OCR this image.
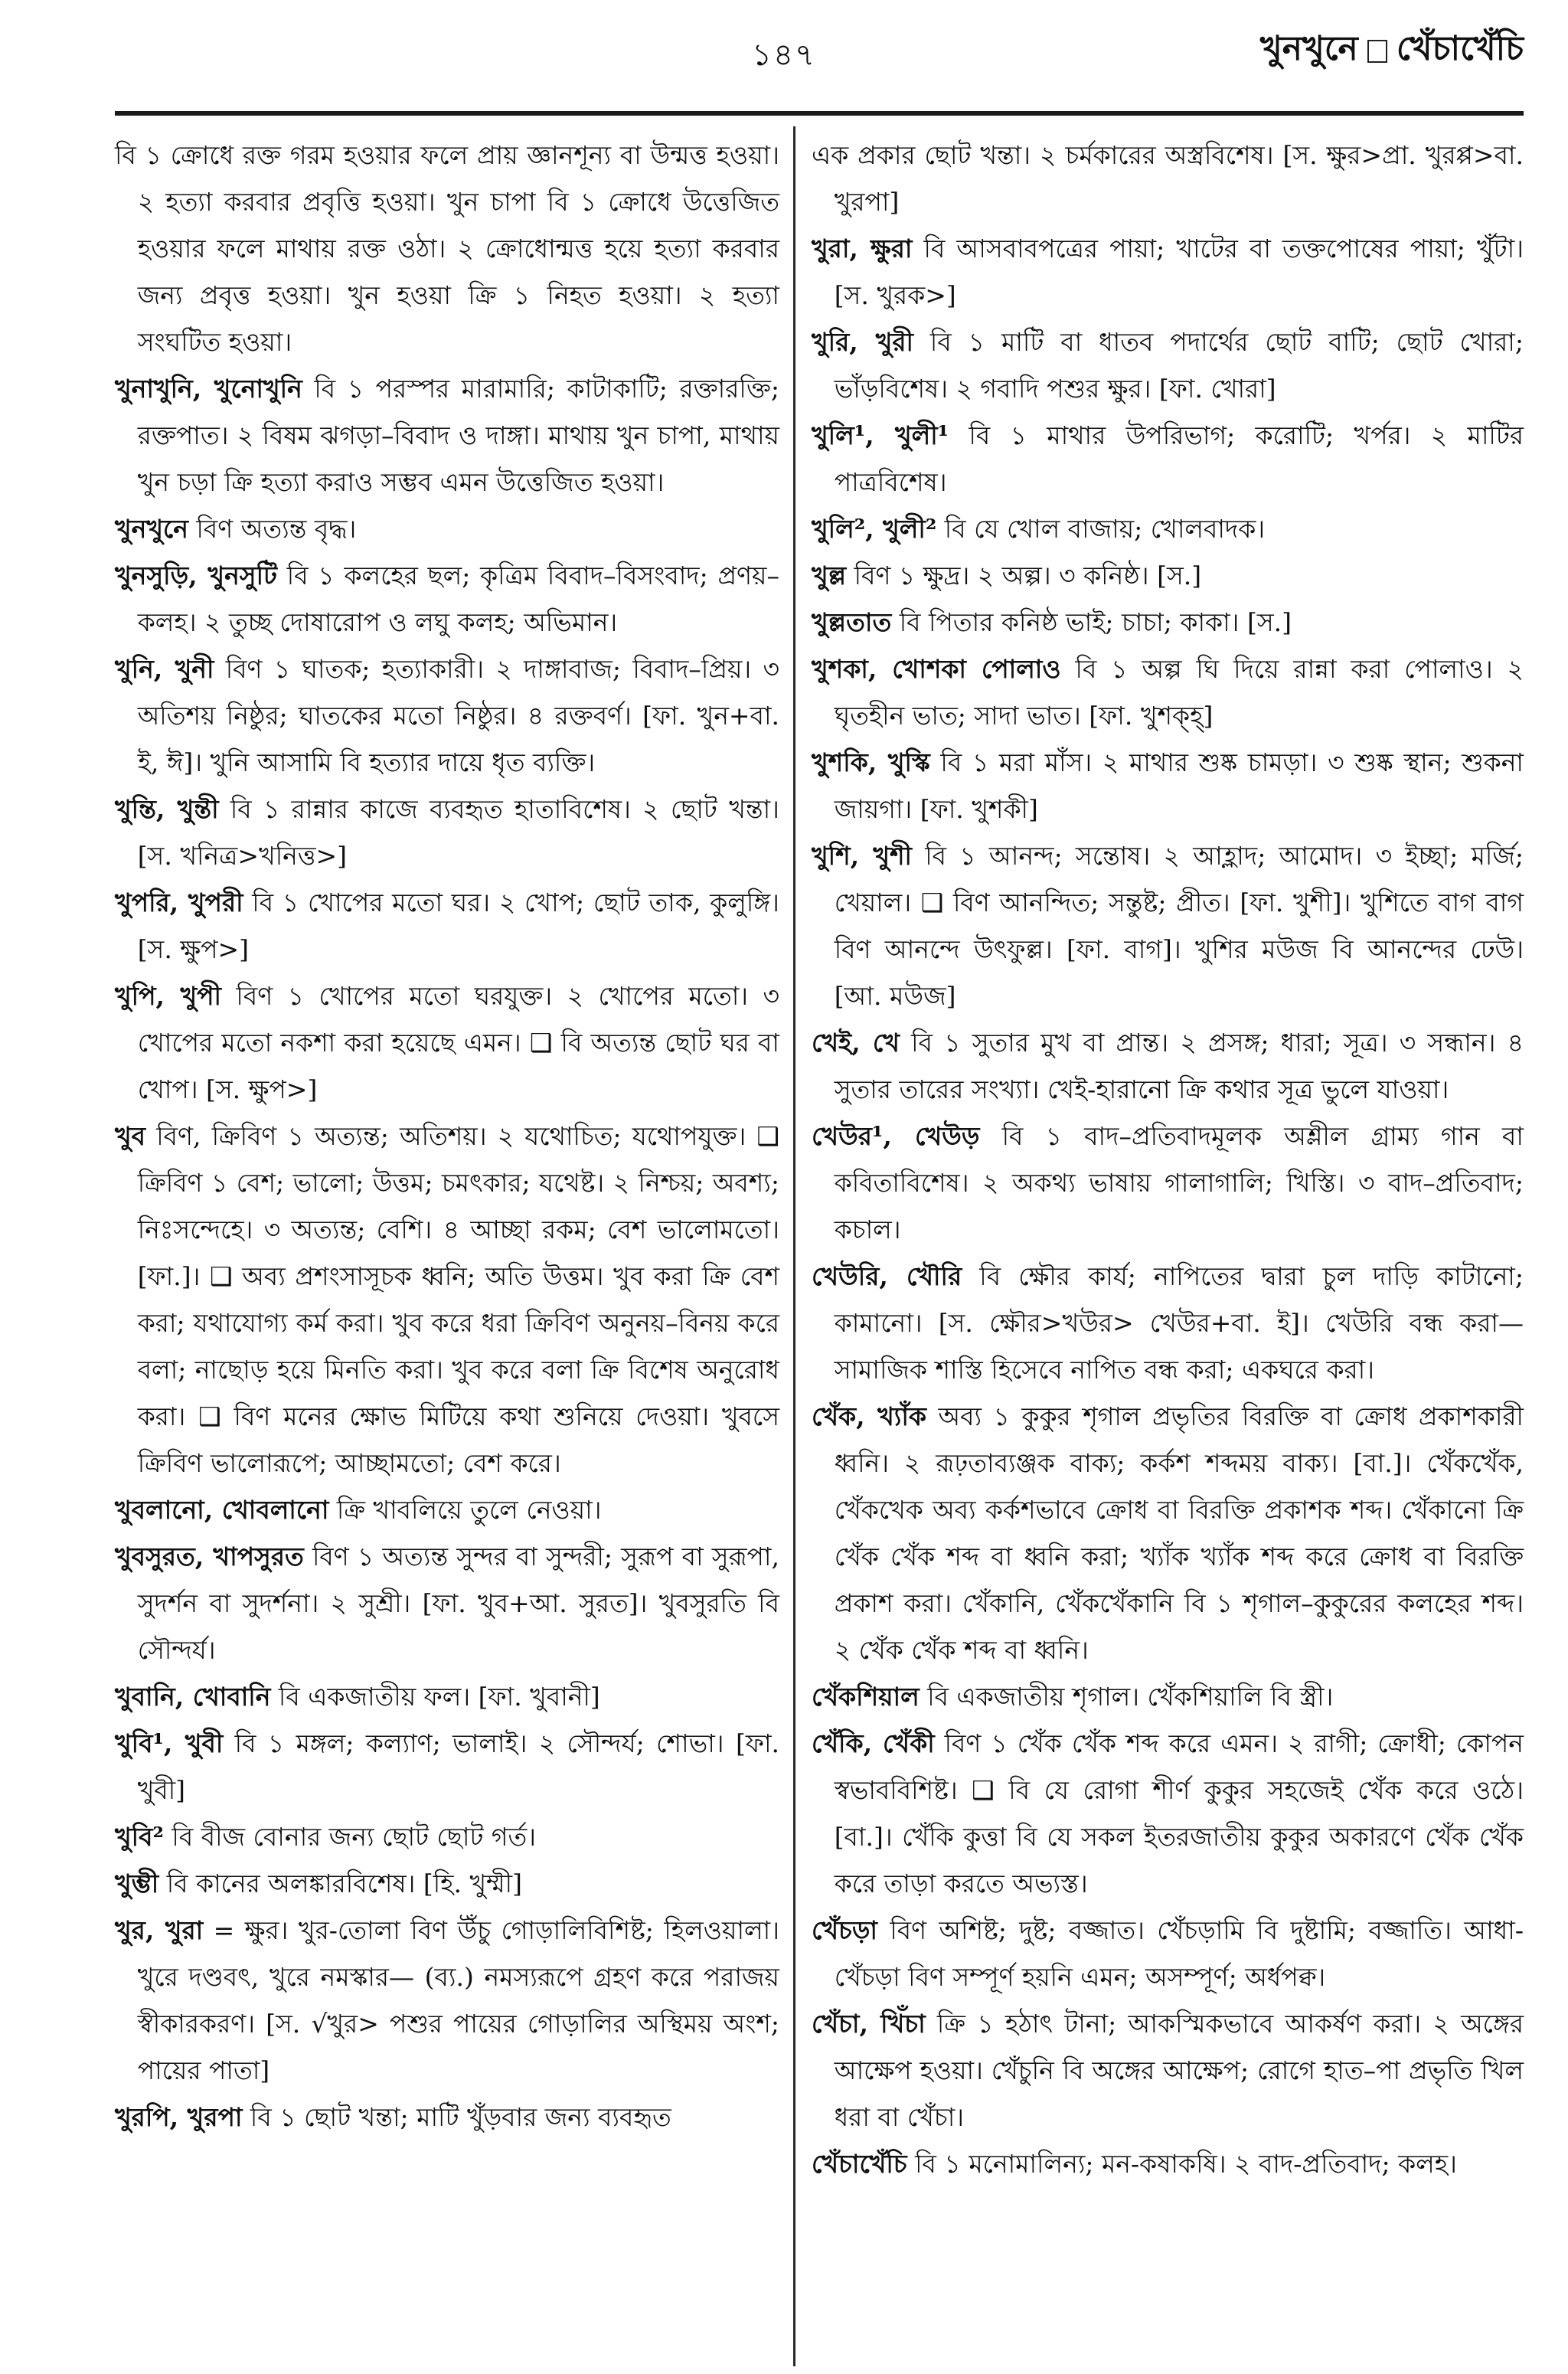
১৪৭	খুনখুনে খেঁচাখেঁচি

বি ১ ক্রোধে রক্ত গরম হওয়ার ফলে প্রায় জ্ঞানশূন্য বা উন্মত্ত হওয়া। ২ হত্যা করবার প্রবৃত্তি হওয়া। খুন চাপা বি ১ ক্রোধে উত্তেজিত হওয়ার ফলে মাথায় রক্ত ওঠা। ২ ক্রোধোন্মত্ত হয়ে হত্যা করবার জন্য প্রবৃত্ত হওয়া। খুন হওয়া ক্রি ১ নিহত হওয়া। ২ হত্যা সংঘটিত হওয়া।

খুনাখুনি, খুনোখুনি বি ১ পরস্পর মারামারি; কাটাকাটি; রক্তারক্তি; রক্তপাত। ২ বিষম ঝগড়া–বিবাদ ও দাঙ্গা। মাথায় খুন চাপা, মাথায় খুন চড়া ক্রি হত্যা করাও সম্ভব এমন উত্তেজিত হওয়া।

খুনখুনে বিণ অত্যন্ত বৃদ্ধ।

খুনসুড়ি, খুনসুটি বি ১ কলহের ছল; কৃত্রিম বিবাদ–বিসংবাদ; প্রণয়–কলহ। ২ তুচ্ছ দোষারোপ ও লঘু কলহ; অভিমান।

খুনি, খুনী বিণ ১ ঘাতক; হত্যাকারী। ২ দাঙ্গাবাজ; বিবাদ–প্রিয়। ৩ অতিশয় নিষ্ঠুর; ঘাতকের মতো নিষ্ঠুর। ৪ রক্তবর্ণ। [ফা. খুন+বা. ই, ঈ]। খুনি আসামি বি হত্যার দায়ে ধৃত ব্যক্তি।

খুন্তি, খুন্তী বি ১ রান্নার কাজে ব্যবহৃত হাতাবিশেষ। ২ ছোট খন্তা। [স. খনিত্র>খনিত্ত>]

খুপরি, খুপরী বি ১ খোপের মতো ঘর। ২ খোপ; ছোট তাক, কুলুঙ্গি। [স. ক্ষুপ>]

খুপি, খুপী বিণ ১ খোপের মতো ঘরযুক্ত। ২ খোপের মতো। ৩ খোপের মতো নকশা করা হয়েছে এমন। ❑ বি অত্যন্ত ছোট ঘর বা খোপ। [স. ক্ষুপ>]

খুব বিণ, ক্রিবিণ ১ অত্যন্ত; অতিশয়। ২ যথোচিত; যথোপযুক্ত। ❑ ক্রিবিণ ১ বেশ; ভালো; উত্তম; চমৎকার; যথেষ্ট। ২ নিশ্চয়; অবশ্য; নিঃসন্দেহে। ৩ অত্যন্ত; বেশি। ৪ আচ্ছা রকম; বেশ ভালোমতো। [ফা.]। ❑ অব্য প্রশংসাসূচক ধ্বনি; অতি উত্তম। খুব করা ক্রি বেশ করা; যথাযোগ্য কর্ম করা। খুব করে ধরা ক্রিবিণ অনুনয়–বিনয় করে বলা; নাছোড় হয়ে মিনতি করা। খুব করে বলা ক্রি বিশেষ অনুরোধ করা। ❑ বিণ মনের ক্ষোভ মিটিয়ে কথা শুনিয়ে দেওয়া। খুবসে ক্রিবিণ ভালোরূপে; আচ্ছামতো; বেশ করে।

খুবলানো, খোবলানো ক্রি খাবলিয়ে তুলে নেওয়া।

খুবসুরত, খাপসুরত বিণ ১ অত্যন্ত সুন্দর বা সুন্দরী; সুরূপ বা সুরূপা, সুদর্শন বা সুদর্শনা। ২ সুশ্রী। [ফা. খুব+আ. সুরত]। খুবসুরতি বি সৌন্দর্য।

খুবানি, খোবানি বি একজাতীয় ফল। [ফা. খুবানী]

খুবি¹, খুবী বি ১ মঙ্গল; কল্যাণ; ভালাই। ২ সৌন্দর্য; শোভা। [ফা. খুবী]

খুবি² বি বীজ বোনার জন্য ছোট ছোট গর্ত।

খুম্ভী বি কানের অলঙ্কারবিশেষ। [হি. খুম্মী]

খুর, খুরা = ক্ষুর। খুর-তোলা বিণ উঁচু গোড়ালিবিশিষ্ট; হিলওয়ালা। খুরে দণ্ডবৎ, খুরে নমস্কার— (ব্য.) নমস্যরূপে গ্রহণ করে পরাজয় স্বীকারকরণ। [স. √খুর> পশুর পায়ের গোড়ালির অস্থিময় অংশ; পায়ের পাতা]

খুরপি, খুরপা বি ১ ছোট খন্তা; মাটি খুঁড়বার জন্য ব্যবহৃত

এক প্রকার ছোট খন্তা। ২ চর্মকারের অস্ত্রবিশেষ। [স. ক্ষুর>প্রা. খুরপ্প>বা. খুরপা]

খুরা, ক্ষুরা বি আসবাবপত্রের পায়া; খাটের বা তক্তপোষের পায়া; খুঁটা। [স. খুরক>]

খুরি, খুরী বি ১ মাটি বা ধাতব পদার্থের ছোট বাটি; ছোট খোরা; ভাঁড়বিশেষ। ২ গবাদি পশুর ক্ষুর। [ফা. খোরা]

খুলি¹, খুলী¹ বি ১ মাথার উপরিভাগ; করোটি; খর্পর। ২ মাটির পাত্রবিশেষ।

খুলি², খুলী² বি যে খোল বাজায়; খোলবাদক।

খুল্ল বিণ ১ ক্ষুদ্র। ২ অল্প। ৩ কনিষ্ঠ। [স.]

খুল্লতাত বি পিতার কনিষ্ঠ ভাই; চাচা; কাকা। [স.]

খুশকা, খোশকা পোলাও বি ১ অল্প ঘি দিয়ে রান্না করা পোলাও। ২ ঘৃতহীন ভাত; সাদা ভাত। [ফা. খুশক্‌হ্‌]

খুশকি, খুস্কি বি ১ মরা মাঁস। ২ মাথার শুষ্ক চামড়া। ৩ শুষ্ক স্থান; শুকনা জায়গা। [ফা. খুশকী]

খুশি, খুশী বি ১ আনন্দ; সন্তোষ। ২ আহ্লাদ; আমোদ। ৩ ইচ্ছা; মর্জি; খেয়াল। ❑ বিণ আনন্দিত; সন্তুষ্ট; প্রীত। [ফা. খুশী]। খুশিতে বাগ বাগ বিণ আনন্দে উৎফুল্ল। [ফা. বাগ]। খুশির মউজ বি আনন্দের ঢেউ। [আ. মউজ]

খেই, খে বি ১ সুতার মুখ বা প্রান্ত। ২ প্রসঙ্গ; ধারা; সূত্র। ৩ সন্ধান। ৪ সুতার তারের সংখ্যা। খেই-হারানো ক্রি কথার সূত্র ভুলে যাওয়া।

খেউর¹, খেউড় বি ১ বাদ–প্রতিবাদমূলক অশ্লীল গ্রাম্য গান বা কবিতাবিশেষ। ২ অকথ্য ভাষায় গালাগালি; খিস্তি। ৩ বাদ–প্রতিবাদ; কচাল।

খেউরি, খৌরি বি ক্ষৌর কার্য; নাপিতের দ্বারা চুল দাড়ি কাটানো; কামানো। [স. ক্ষৌর>খউর> খেউর+বা. ই]। খেউরি বন্ধ করা— সামাজিক শাস্তি হিসেবে নাপিত বন্ধ করা; একঘরে করা।

খেঁক, খ্যাঁক অব্য ১ কুকুর শৃগাল প্রভৃতির বিরক্তি বা ক্রোধ প্রকাশকারী ধ্বনি। ২ রূঢ়তাব্যঞ্জক বাক্য; কর্কশ শব্দময় বাক্য। [বা.]। খেঁকখেঁক, খেঁকখেক অব্য কর্কশভাবে ক্রোধ বা বিরক্তি প্রকাশক শব্দ। খেঁকানো ক্রি খেঁক খেঁক শব্দ বা ধ্বনি করা; খ্যাঁক খ্যাঁক শব্দ করে ক্রোধ বা বিরক্তি প্রকাশ করা। খেঁকানি, খেঁকখেঁকানি বি ১ শৃগাল–কুকুরের কলহের শব্দ। ২ খেঁক খেঁক শব্দ বা ধ্বনি।

খেঁকশিয়াল বি একজাতীয় শৃগাল। খেঁকশিয়ালি বি স্ত্রী।

খেঁকি, খেঁকী বিণ ১ খেঁক খেঁক শব্দ করে এমন। ২ রাগী; ক্রোধী; কোপন স্বভাববিশিষ্ট। ❑ বি যে রোগা শীর্ণ কুকুর সহজেই খেঁক করে ওঠে। [বা.]। খেঁকি কুত্তা বি যে সকল ইতরজাতীয় কুকুর অকারণে খেঁক খেঁক করে তাড়া করতে অভ্যস্ত।

খেঁচড়া বিণ অশিষ্ট; দুষ্ট; বজ্জাত। খেঁচড়ামি বি দুষ্টামি; বজ্জাতি। আধা-খেঁচড়া বিণ সম্পূর্ণ হয়নি এমন; অসম্পূর্ণ; অর্ধপক্ব।

খেঁচা, খিঁচা ক্রি ১ হঠাৎ টানা; আকস্মিকভাবে আকর্ষণ করা। ২ অঙ্গের আক্ষেপ হওয়া। খেঁচুনি বি অঙ্গের আক্ষেপ; রোগে হাত–পা প্রভৃতি খিল ধরা বা খেঁচা।

খেঁচাখেঁচি বি ১ মনোমালিন্য; মন-কষাকষি। ২ বাদ-প্রতিবাদ; কলহ।
